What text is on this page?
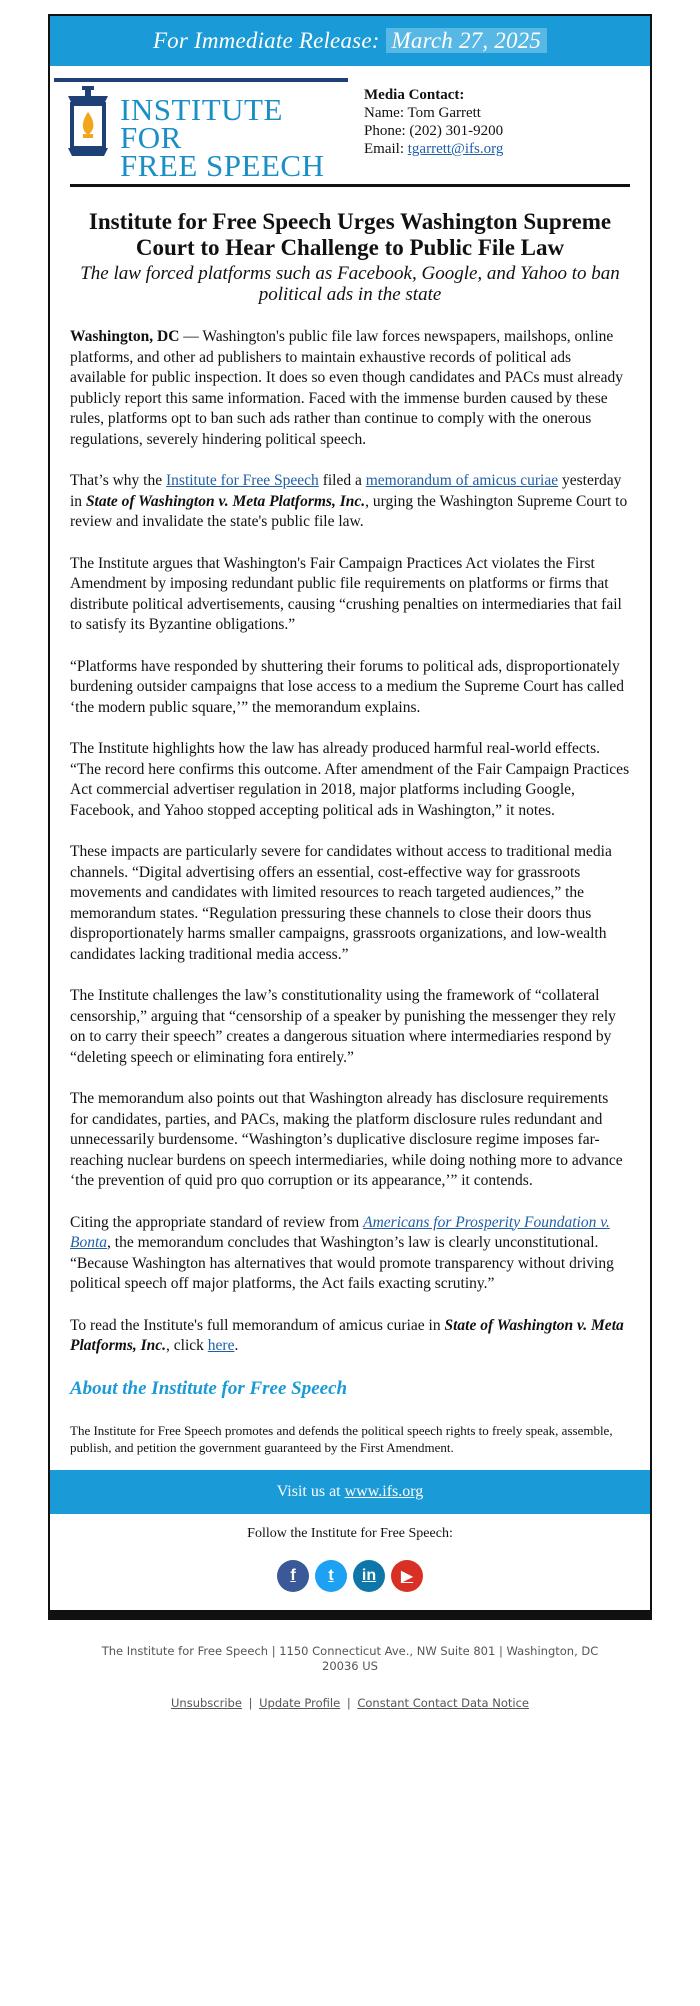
For Immediate Release: March 27, 2025
INSTITUTE FOR
FREE SPEECH
Media Contact:
Name: Tom Garrett
Phone: (202) 301-9200
Email: tgarrett@ifs.org
Institute for Free Speech Urges Washington Supreme Court to Hear Challenge to Public File Law
The law forced platforms such as Facebook, Google, and Yahoo to ban political ads in the state

Washington, DC — Washington's public file law forces newspapers, mailshops, online platforms, and other ad publishers to maintain exhaustive records of political ads available for public inspection. It does so even though candidates and PACs must already publicly report this same information. Faced with the immense burden caused by these rules, platforms opt to ban such ads rather than continue to comply with the onerous regulations, severely hindering political speech.

That’s why the Institute for Free Speech filed a memorandum of amicus curiae yesterday in State of Washington v. Meta Platforms, Inc., urging the Washington Supreme Court to review and invalidate the state's public file law.

The Institute argues that Washington's Fair Campaign Practices Act violates the First Amendment by imposing redundant public file requirements on platforms or firms that distribute political advertisements, causing “crushing penalties on intermediaries that fail to satisfy its Byzantine obligations.”

“Platforms have responded by shuttering their forums to political ads, disproportionately burdening outsider campaigns that lose access to a medium the Supreme Court has called ‘the modern public square,’” the memorandum explains.

The Institute highlights how the law has already produced harmful real-world effects. “The record here confirms this outcome. After amendment of the Fair Campaign Practices Act commercial advertiser regulation in 2018, major platforms including Google, Facebook, and Yahoo stopped accepting political ads in Washington,” it notes.

These impacts are particularly severe for candidates without access to traditional media channels. “Digital advertising offers an essential, cost-effective way for grassroots movements and candidates with limited resources to reach targeted audiences,” the memorandum states. “Regulation pressuring these channels to close their doors thus disproportionately harms smaller campaigns, grassroots organizations, and low-wealth candidates lacking traditional media access.”

The Institute challenges the law’s constitutionality using the framework of “collateral censorship,” arguing that “censorship of a speaker by punishing the messenger they rely on to carry their speech” creates a dangerous situation where intermediaries respond by “deleting speech or eliminating fora entirely.”

The memorandum also points out that Washington already has disclosure requirements for candidates, parties, and PACs, making the platform disclosure rules redundant and unnecessarily burdensome. “Washington’s duplicative disclosure regime imposes far-reaching nuclear burdens on speech intermediaries, while doing nothing more to advance ‘the prevention of quid pro quo corruption or its appearance,’” it contends.

Citing the appropriate standard of review from Americans for Prosperity Foundation v. Bonta, the memorandum concludes that Washington’s law is clearly unconstitutional. “Because Washington has alternatives that would promote transparency without driving political speech off major platforms, the Act fails exacting scrutiny.”

To read the Institute's full memorandum of amicus curiae in State of Washington v. Meta Platforms, Inc., click here.

About the Institute for Free Speech

The Institute for Free Speech promotes and defends the political speech rights to freely speak, assemble, publish, and petition the government guaranteed by the First Amendment.

Visit us at www.ifs.org
Follow the Institute for Free Speech:
f	t	in	▶
The Institute for Free Speech | 1150 Connecticut Ave., NW Suite 801 | Washington, DC 20036 US
Unsubscribe | Update Profile | Constant Contact Data Notice
